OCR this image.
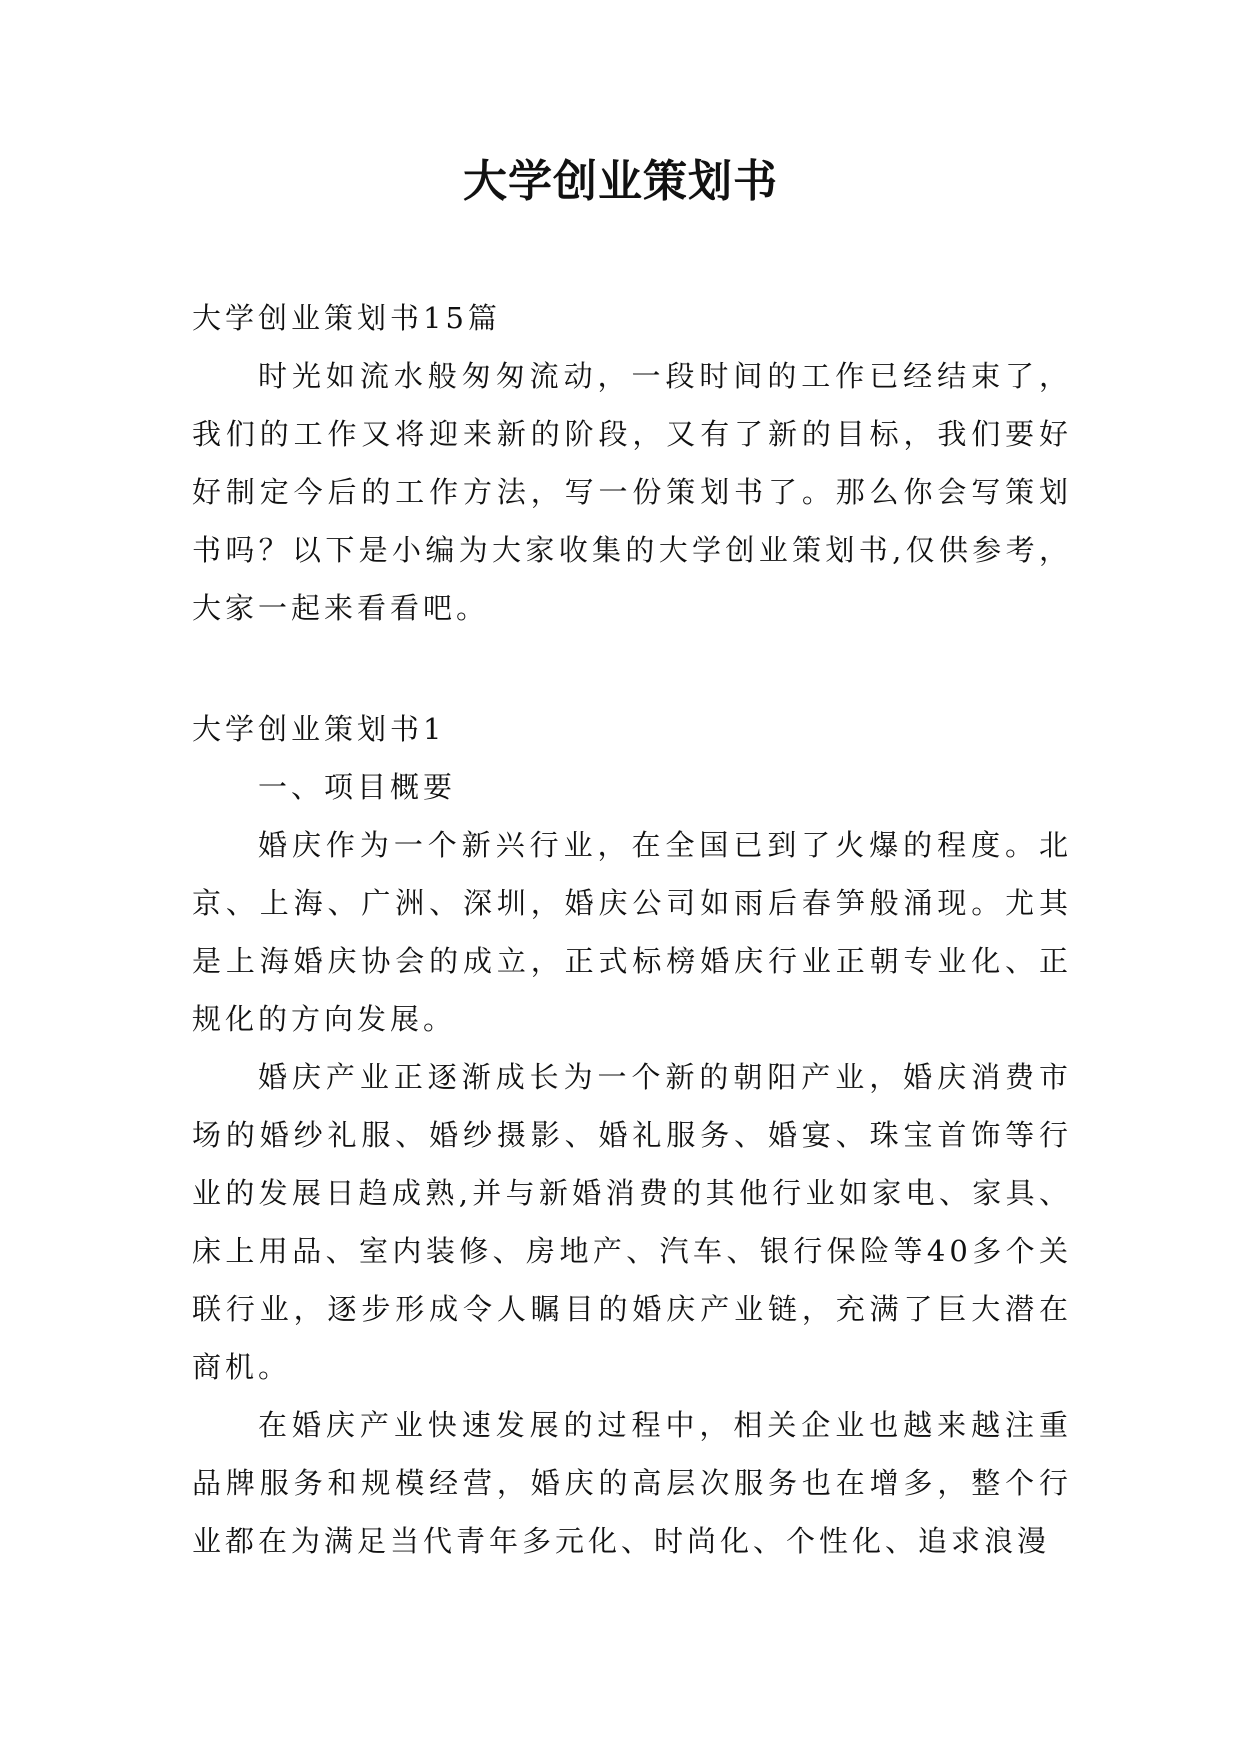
大学创业策划书

大学创业策划书15篇

时光如流水般匆匆流动，一段时间的工作已经结束了，我们的工作又将迎来新的阶段，又有了新的目标，我们要好好制定今后的工作方法，写一份策划书了。那么你会写策划书吗？以下是小编为大家收集的大学创业策划书,仅供参考，大家一起来看看吧。

大学创业策划书1

一、项目概要

婚庆作为一个新兴行业，在全国已到了火爆的程度。北京、上海、广洲、深圳，婚庆公司如雨后春笋般涌现。尤其是上海婚庆协会的成立，正式标榜婚庆行业正朝专业化、正规化的方向发展。

婚庆产业正逐渐成长为一个新的朝阳产业，婚庆消费市场的婚纱礼服、婚纱摄影、婚礼服务、婚宴、珠宝首饰等行业的发展日趋成熟,并与新婚消费的其他行业如家电、家具、床上用品、室内装修、房地产、汽车、银行保险等40多个关联行业，逐步形成令人瞩目的婚庆产业链，充满了巨大潜在商机。

在婚庆产业快速发展的过程中，相关企业也越来越注重品牌服务和规模经营，婚庆的高层次服务也在增多，整个行业都在为满足当代青年多元化、时尚化、个性化、追求浪漫
